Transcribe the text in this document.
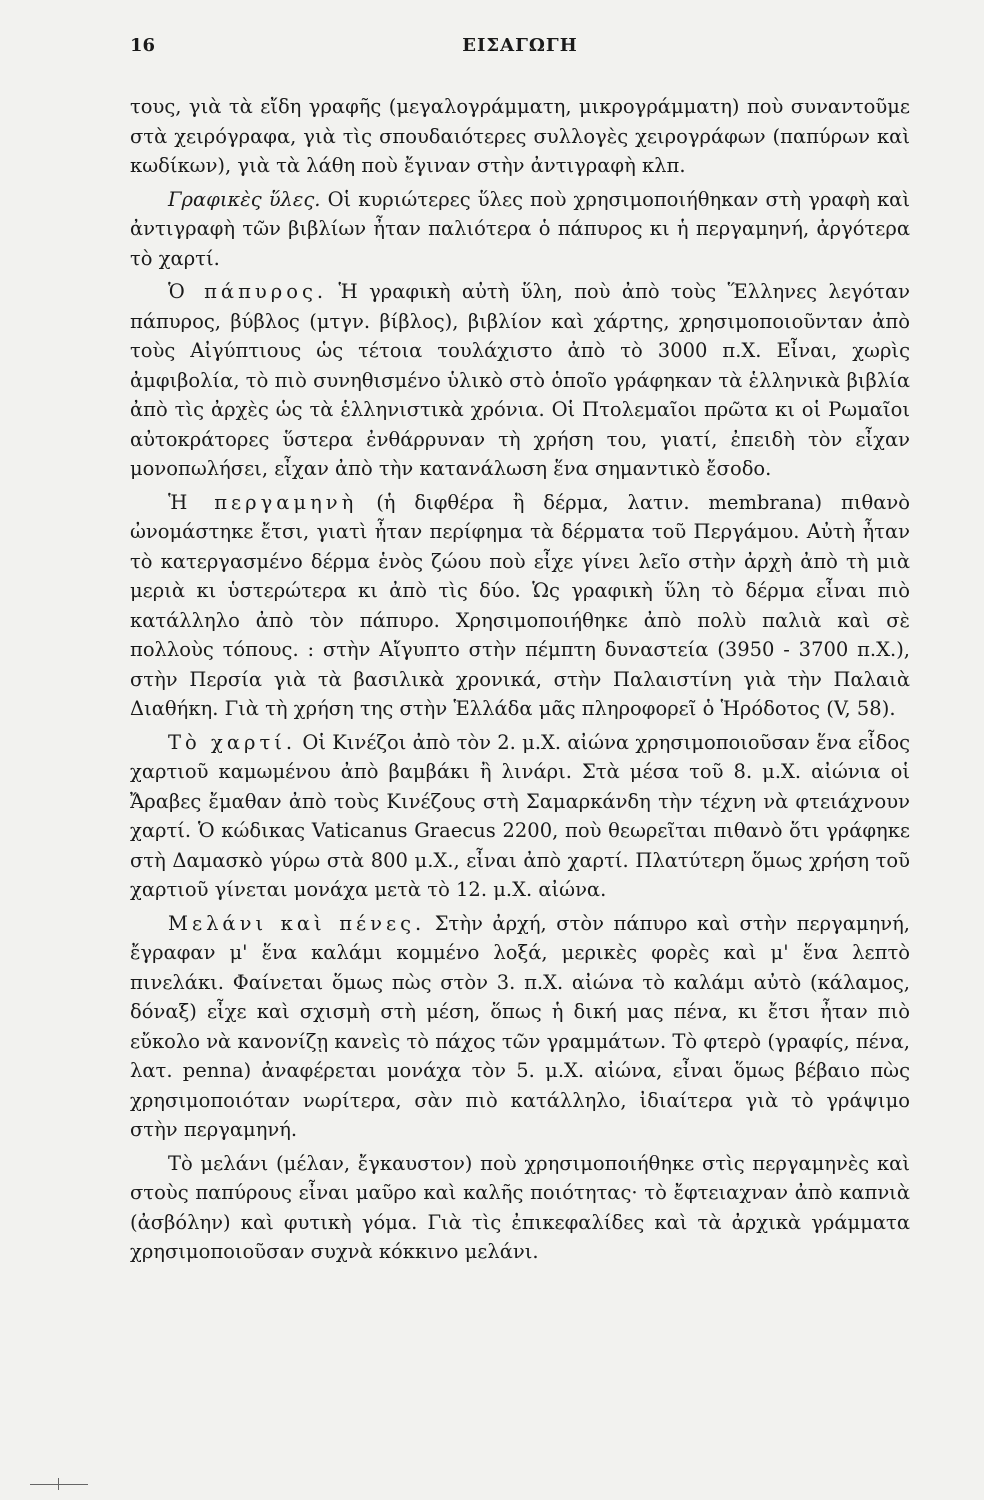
16	ΕΙΣΑΓΩΓΗ

τους, γιὰ τὰ εἴδη γραφῆς (μεγαλογράμματη, μικρογράμματη) ποὺ συναντοῦμε στὰ χειρόγραφα, γιὰ τὶς σπουδαιότερες συλλογὲς χειρογράφων (παπύρων καὶ κωδίκων), γιὰ τὰ λάθη ποὺ ἔγιναν στὴν ἀντιγραφὴ κλπ.

Γραφικὲς ὕλες. Οἱ κυριώτερες ὕλες ποὺ χρησιμοποιήθηκαν στὴ γραφὴ καὶ ἀντιγραφὴ τῶν βιβλίων ἦταν παλιότερα ὁ πάπυρος κι ἡ περγαμηνή, ἀργότερα τὸ χαρτί.

Ὁ πάπυρος. Ἡ γραφικὴ αὐτὴ ὕλη, ποὺ ἀπὸ τοὺς Ἕλληνες λεγόταν πάπυρος, βύβλος (μτγν. βίβλος), βιβλίον καὶ χάρτης, χρησιμοποιοῦνταν ἀπὸ τοὺς Αἰγύπτιους ὡς τέτοια τουλάχιστο ἀπὸ τὸ 3000 π.Χ. Εἶναι, χωρὶς ἀμφιβολία, τὸ πιὸ συνηθισμένο ὑλικὸ στὸ ὁποῖο γράφηκαν τὰ ἑλληνικὰ βιβλία ἀπὸ τὶς ἀρχὲς ὡς τὰ ἑλληνιστικὰ χρόνια. Οἱ Πτολεμαῖοι πρῶτα κι οἱ Ρωμαῖοι αὐτοκράτορες ὕστερα ἐνθάρρυναν τὴ χρήση του, γιατί, ἐπειδὴ τὸν εἶχαν μονοπωλήσει, εἶχαν ἀπὸ τὴν κατανάλωση ἕνα σημαντικὸ ἔσοδο.

Ἡ περγαμηνὴ (ἡ διφθέρα ἢ δέρμα, λατιν. membrana) πιθανὸ ὠνομάστηκε ἔτσι, γιατὶ ἦταν περίφημα τὰ δέρματα τοῦ Περγάμου. Αὐτὴ ἦταν τὸ κατεργασμένο δέρμα ἑνὸς ζώου ποὺ εἶχε γίνει λεῖο στὴν ἀρχὴ ἀπὸ τὴ μιὰ μεριὰ κι ὑστερώτερα κι ἀπὸ τὶς δύο. Ὡς γραφικὴ ὕλη τὸ δέρμα εἶναι πιὸ κατάλληλο ἀπὸ τὸν πάπυρο. Χρησιμοποιήθηκε ἀπὸ πολὺ παλιὰ καὶ σὲ πολλοὺς τόπους. : στὴν Αἴγυπτο στὴν πέμπτη δυναστεία (3950 - 3700 π.Χ.), στὴν Περσία γιὰ τὰ βασιλικὰ χρονικά, στὴν Παλαιστίνη γιὰ τὴν Παλαιὰ Διαθήκη. Γιὰ τὴ χρήση της στὴν Ἑλλάδα μᾶς πληροφορεῖ ὁ Ἡρόδοτος (V, 58).

Τὸ χαρτί. Οἱ Κινέζοι ἀπὸ τὸν 2. μ.Χ. αἰώνα χρησιμοποιοῦσαν ἕνα εἶδος χαρτιοῦ καμωμένου ἀπὸ βαμβάκι ἢ λινάρι. Στὰ μέσα τοῦ 8. μ.Χ. αἰώνια οἱ Ἄραβες ἔμαθαν ἀπὸ τοὺς Κινέζους στὴ Σαμαρκάνδη τὴν τέχνη νὰ φτειάχνουν χαρτί. Ὁ κώδικας Vaticanus Graecus 2200, ποὺ θεωρεῖται πιθανὸ ὅτι γράφηκε στὴ Δαμασκὸ γύρω στὰ 800 μ.Χ., εἶναι ἀπὸ χαρτί. Πλατύτερη ὅμως χρήση τοῦ χαρτιοῦ γίνεται μονάχα μετὰ τὸ 12. μ.Χ. αἰώνα.

Μελάνι καὶ πένες. Στὴν ἀρχή, στὸν πάπυρο καὶ στὴν περγαμηνή, ἔγραφαν μ' ἕνα καλάμι κομμένο λοξά, μερικὲς φορὲς καὶ μ' ἕνα λεπτὸ πινελάκι. Φαίνεται ὅμως πὼς στὸν 3. π.Χ. αἰώνα τὸ καλάμι αὐτὸ (κάλαμος, δόναξ) εἶχε καὶ σχισμὴ στὴ μέση, ὅπως ἡ δική μας πένα, κι ἔτσι ἦταν πιὸ εὔκολο νὰ κανονίζῃ κανεὶς τὸ πάχος τῶν γραμμάτων. Τὸ φτερὸ (γραφίς, πένα, λατ. penna) ἀναφέρεται μονάχα τὸν 5. μ.Χ. αἰώνα, εἶναι ὅμως βέβαιο πὼς χρησιμοποιόταν νωρίτερα, σὰν πιὸ κατάλληλο, ἰδιαίτερα γιὰ τὸ γράψιμο στὴν περγαμηνή.

Τὸ μελάνι (μέλαν, ἔγκαυστον) ποὺ χρησιμοποιήθηκε στὶς περγαμηνὲς καὶ στοὺς παπύρους εἶναι μαῦρο καὶ καλῆς ποιότητας· τὸ ἔφτειαχναν ἀπὸ καπνιὰ (ἀσβόλην) καὶ φυτικὴ γόμα. Γιὰ τὶς ἐπικεφαλίδες καὶ τὰ ἀρχικὰ γράμματα χρησιμοποιοῦσαν συχνὰ κόκκινο μελάνι.
